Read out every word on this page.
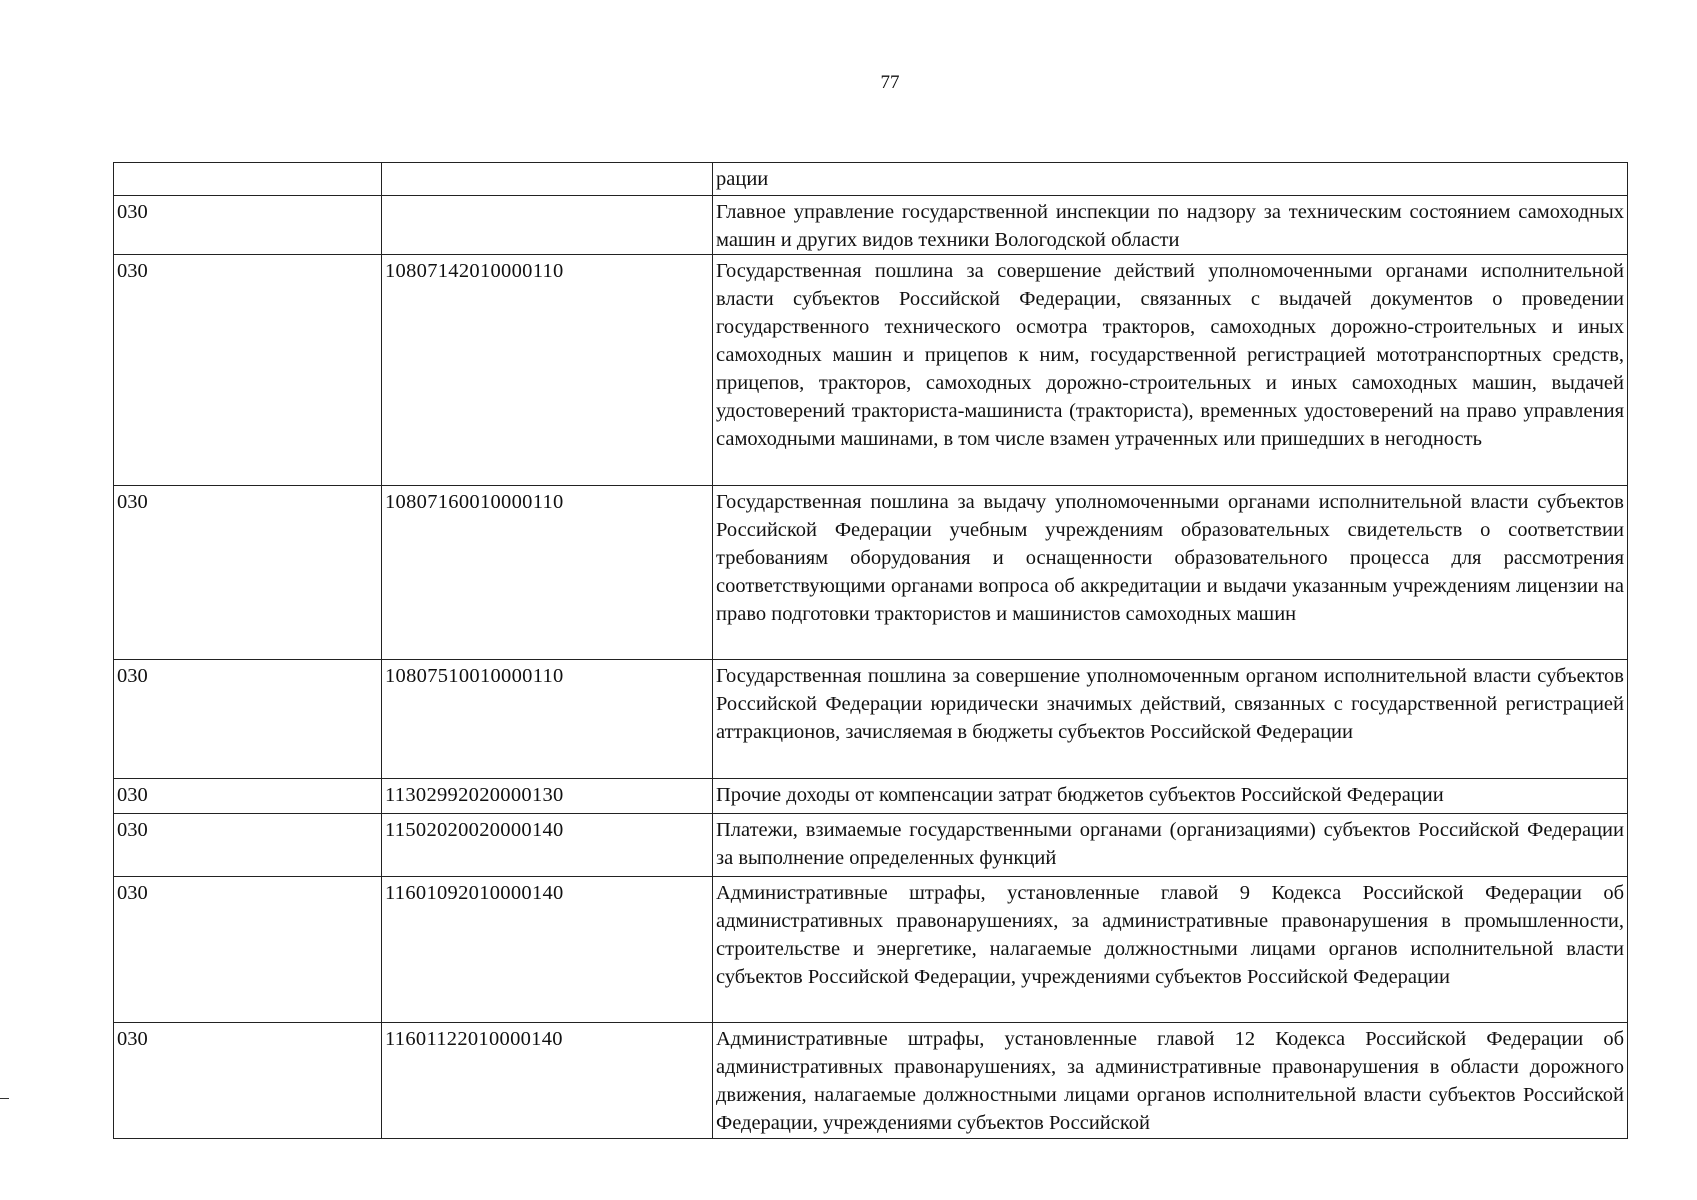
77
		рации
030		Главное управление государственной инспекции по надзору за техническим состоянием самоходных машин и других видов техники Вологодской области
030	10807142010000110	Государственная пошлина за совершение действий уполномоченными органами исполнительной власти субъектов Российской Федерации, связанных с выдачей документов о проведении государственного технического осмотра тракторов, самоходных дорожно-строительных и иных самоходных машин и прицепов к ним, государственной регистрацией мототранспортных средств, прицепов, тракторов, самоходных дорожно-строительных и иных самоходных машин, выдачей удостоверений тракториста-машиниста (тракториста), временных удостоверений на право управления самоходными машинами, в том числе взамен утраченных или пришедших в негодность
030	10807160010000110	Государственная пошлина за выдачу уполномоченными органами исполнительной власти субъектов Российской Федерации учебным учреждениям образовательных свидетельств о соответствии требованиям оборудования и оснащенности образовательного процесса для рассмотрения соответствующими органами вопроса об аккредитации и выдачи указанным учреждениям лицензии на право подготовки трактористов и машинистов самоходных машин
030	10807510010000110	Государственная пошлина за совершение уполномоченным органом исполнительной власти субъектов Российской Федерации юридически значимых действий, связанных с государственной регистрацией аттракционов, зачисляемая в бюджеты субъектов Российской Федерации
030	11302992020000130	Прочие доходы от компенсации затрат бюджетов субъектов Российской Федерации
030	11502020020000140	Платежи, взимаемые государственными органами (организациями) субъектов Российской Федерации за выполнение определенных функций
030	11601092010000140	Административные штрафы, установленные главой 9 Кодекса Российской Федерации об административных правонарушениях, за административные правонарушения в промышленности, строительстве и энергетике, налагаемые должностными лицами органов исполнительной власти субъектов Российской Федерации, учреждениями субъектов Российской Федерации
030	11601122010000140	Административные штрафы, установленные главой 12 Кодекса Российской Федерации об административных правонарушениях, за административные правонарушения в области дорожного движения, налагаемые должностными лицами органов исполнительной власти субъектов Российской Федерации, учреждениями субъектов Российской
